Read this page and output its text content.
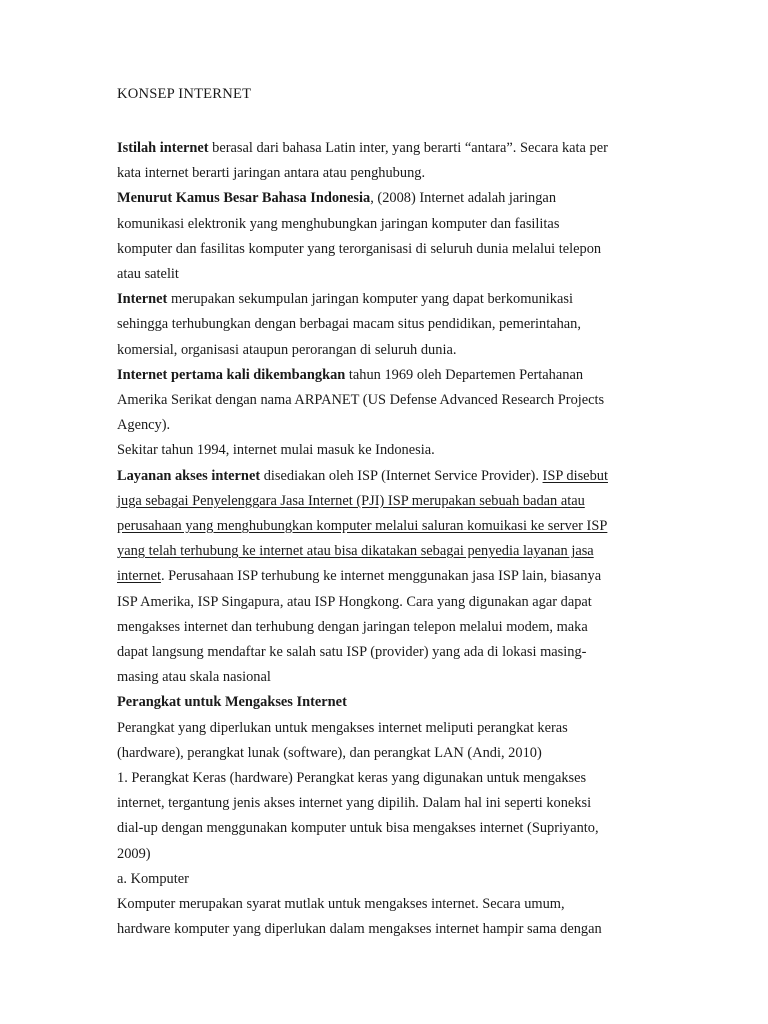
KONSEP INTERNET
Istilah internet berasal dari bahasa Latin inter, yang berarti “antara”. Secara kata per
kata internet berarti jaringan antara atau penghubung.
Menurut Kamus Besar Bahasa Indonesia, (2008) Internet adalah jaringan
komunikasi elektronik yang menghubungkan jaringan komputer dan fasilitas
komputer dan fasilitas komputer yang terorganisasi di seluruh dunia melalui telepon
atau satelit
Internet merupakan sekumpulan jaringan komputer yang dapat berkomunikasi
sehingga terhubungkan dengan berbagai macam situs pendidikan, pemerintahan,
komersial, organisasi ataupun perorangan di seluruh dunia.
Internet pertama kali dikembangkan tahun 1969 oleh Departemen Pertahanan
Amerika Serikat dengan nama ARPANET (US Defense Advanced Research Projects
Agency).
Sekitar tahun 1994, internet mulai masuk ke Indonesia.
Layanan akses internet disediakan oleh ISP (Internet Service Provider). ISP disebut
juga sebagai Penyelenggara Jasa Internet (PJI) ISP merupakan sebuah badan atau
perusahaan yang menghubungkan komputer melalui saluran komuikasi ke server ISP
yang telah terhubung ke internet atau bisa dikatakan sebagai penyedia layanan jasa
internet. Perusahaan ISP terhubung ke internet menggunakan jasa ISP lain, biasanya
ISP Amerika, ISP Singapura, atau ISP Hongkong. Cara yang digunakan agar dapat
mengakses internet dan terhubung dengan jaringan telepon melalui modem, maka
dapat langsung mendaftar ke salah satu ISP (provider) yang ada di lokasi masing-
masing atau skala nasional
Perangkat untuk Mengakses Internet
Perangkat yang diperlukan untuk mengakses internet meliputi perangkat keras
(hardware), perangkat lunak (software), dan perangkat LAN (Andi, 2010)
1. Perangkat Keras (hardware) Perangkat keras yang digunakan untuk mengakses
internet, tergantung jenis akses internet yang dipilih. Dalam hal ini seperti koneksi
dial-up dengan menggunakan komputer untuk bisa mengakses internet (Supriyanto,
2009)
a. Komputer
Komputer merupakan syarat mutlak untuk mengakses internet. Secara umum,
hardware komputer yang diperlukan dalam mengakses internet hampir sama dengan
